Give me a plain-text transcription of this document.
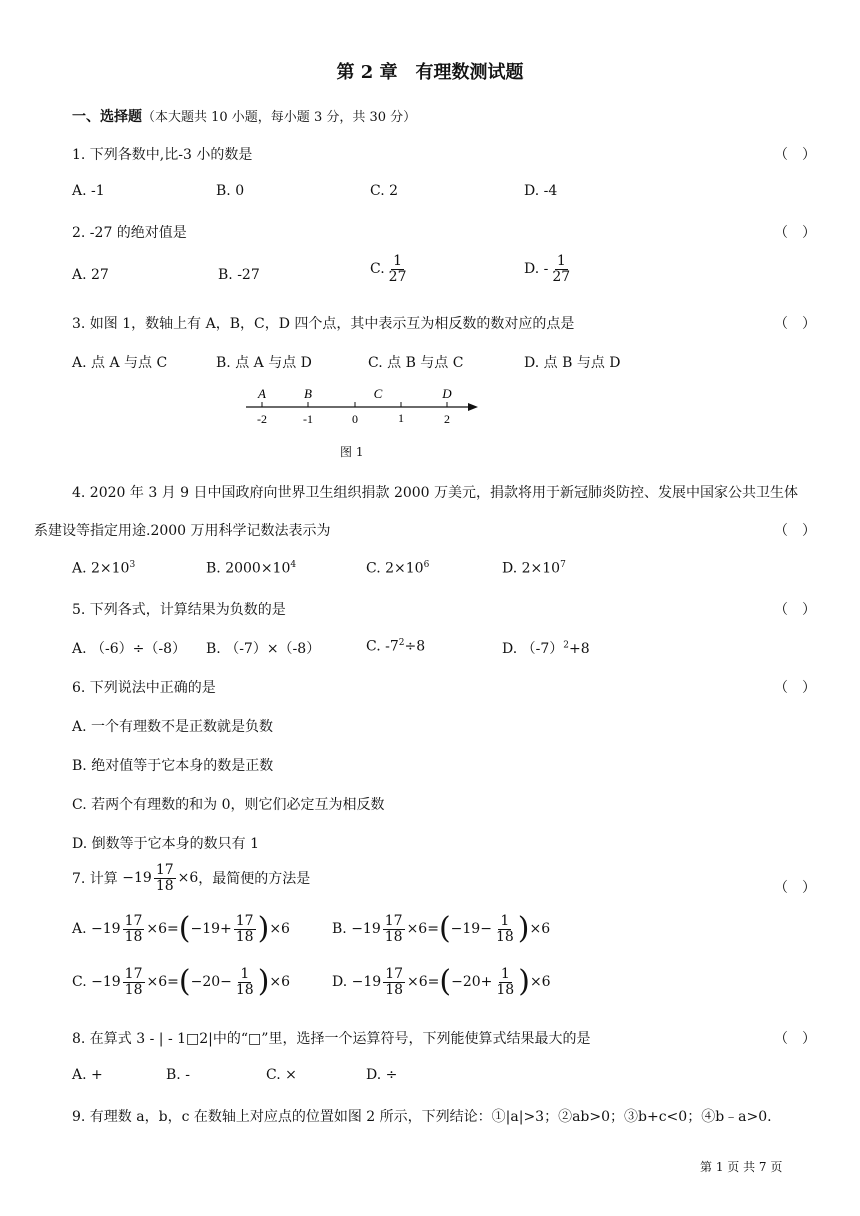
第 2 章　有理数测试题
一、选择题（本大题共 10 小题，每小题 3 分，共 30 分）
1. 下列各数中,比-3 小的数是	（ ）
A. -1	B. 0	C. 2	D. -4
2. -27 的绝对值是	（ ）
A. 27	B. -27	C. $\frac{1}{27}$	D. - $\frac{1}{27}$
3. 如图 1，数轴上有 A，B，C，D 四个点，其中表示互为相反数的数对应的点是	（ ）
A. 点 A 与点 C	B. 点 A 与点 D	C. 点 B 与点 C	D. 点 B 与点 D
A	B	C	D
-2	-1	0	1	2
图 1
4. 2020 年 3 月 9 日中国政府向世界卫生组织捐款 2000 万美元，捐款将用于新冠肺炎防控、发展中国家公共卫生体
系建设等指定用途.2000 万用科学记数法表示为	（ ）
A. $2\times 10^3$	B. $2000\times 10^4$	C. $2\times 10^6$	D. $2\times 10^7$
5. 下列各式，计算结果为负数的是	（ ）
A. （-6）÷（-8） B. （-7）×（-8）	C. $-7^2\div 8$	D. $(-7)^2+8$
6. 下列说法中正确的是	（ ）
A. 一个有理数不是正数就是负数
B. 绝对值等于它本身的数是正数
C. 若两个有理数的和为 0，则它们必定互为相反数
D. 倒数等于它本身的数只有 1
7. 计算
$-19 \frac{17}{18} \times 6$ ，最简便的方法是
（ ）
A.
$-19 \frac{17}{18} \times 6$ = ( $-19+ \frac{17}{18}$ ) ×6	B.
$-19 \frac{17}{18} \times 6$ = ( $-19- \frac{1}{18}$ ) ×6
C.
$-19 \frac{17}{18} \times 6$ = ( $-20- \frac{1}{18}$ ) ×6	D.
$-19 \frac{17}{18} \times 6$ = ( $-20+ \frac{1}{18}$ ) ×6
8. 在算式 3 - | - 1□2|中的“□”里，选择一个运算符号，下列能使算式结果最大的是	（ ）
A. +	B. -	C. ×	D. ÷
9. 有理数 a，b，c 在数轴上对应点的位置如图 2 所示，下列结论：①|a|>3；②ab>0；③b+c<0；④b﹣a>0.
第 1 页 共 7 页
